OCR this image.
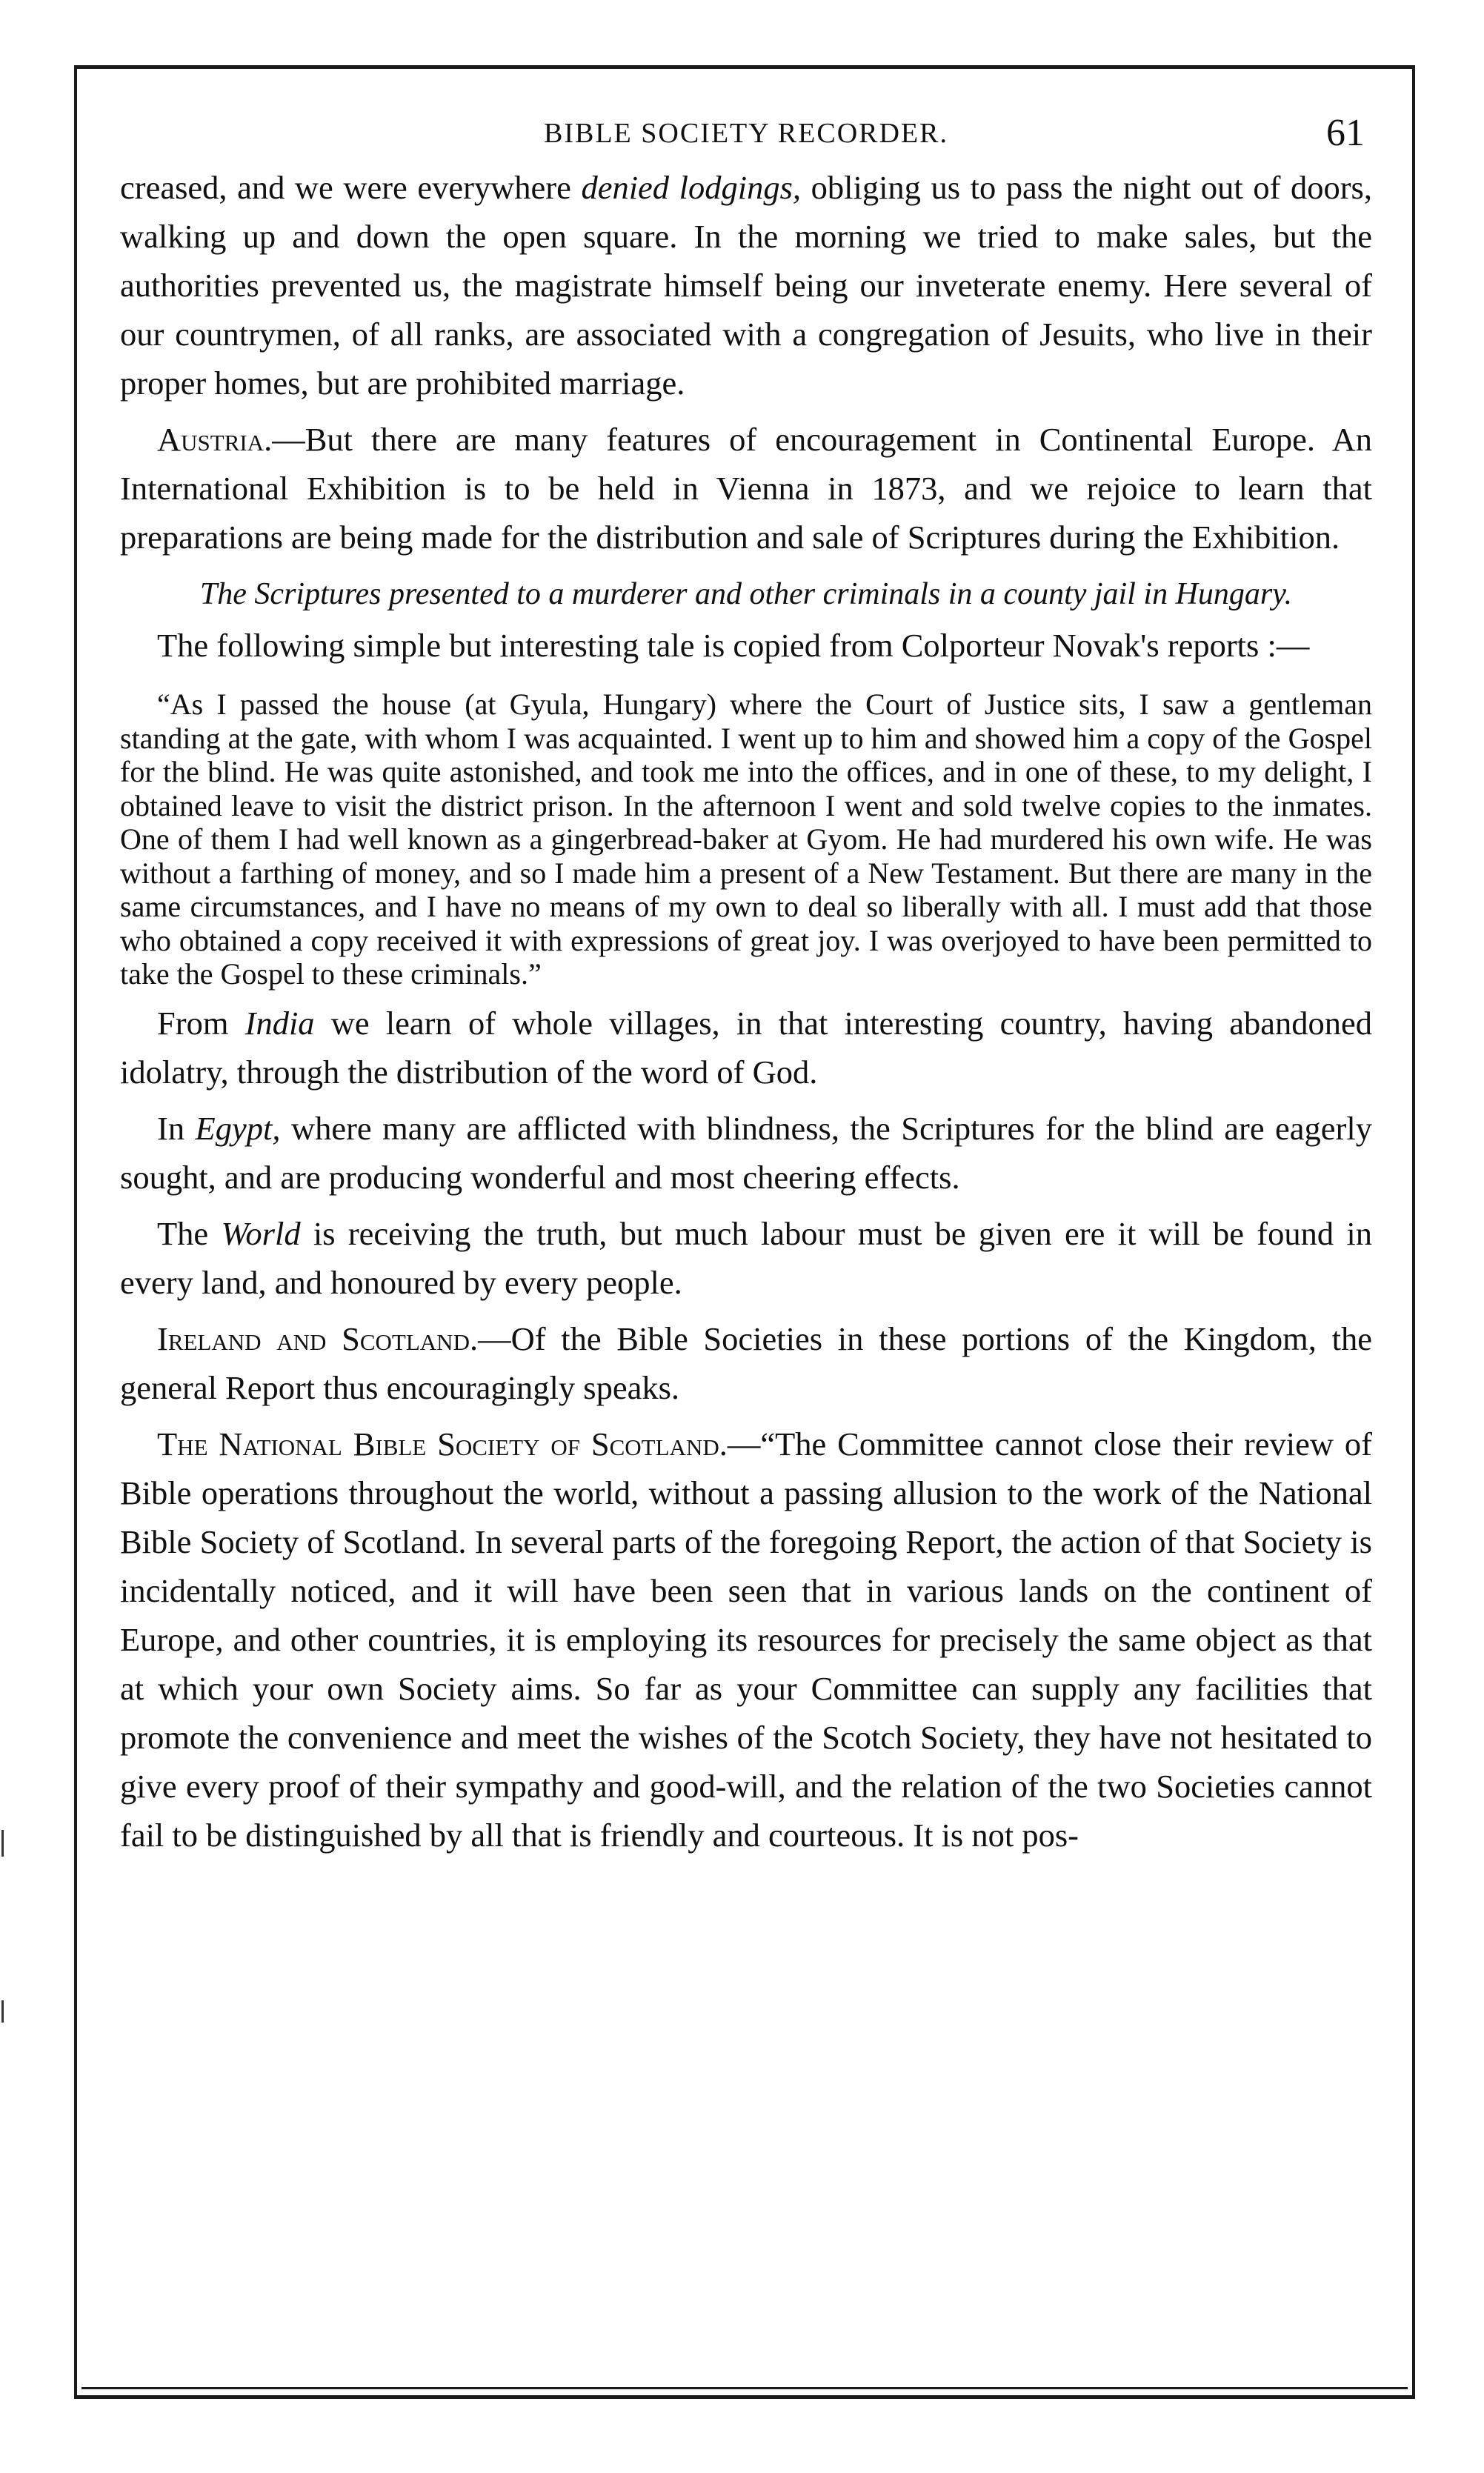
BIBLE SOCIETY RECORDER.	61

creased, and we were everywhere denied lodgings, obliging us to pass the night out of doors, walking up and down the open square. In the morning we tried to make sales, but the authorities prevented us, the magistrate himself being our inveterate enemy. Here several of our countrymen, of all ranks, are associated with a congregation of Jesuits, who live in their proper homes, but are prohibited marriage.

Austria.—But there are many features of encouragement in Continental Europe. An International Exhibition is to be held in Vienna in 1873, and we rejoice to learn that preparations are being made for the distribution and sale of Scriptures during the Exhibition.

The Scriptures presented to a murderer and other criminals in a county jail in Hungary.

The following simple but interesting tale is copied from Colporteur Novak's reports :—

“As I passed the house (at Gyula, Hungary) where the Court of Justice sits, I saw a gentleman standing at the gate, with whom I was acquainted. I went up to him and showed him a copy of the Gospel for the blind. He was quite astonished, and took me into the offices, and in one of these, to my delight, I obtained leave to visit the district prison. In the afternoon I went and sold twelve copies to the inmates. One of them I had well known as a gingerbread-baker at Gyom. He had murdered his own wife. He was without a farthing of money, and so I made him a present of a New Testament. But there are many in the same circumstances, and I have no means of my own to deal so liberally with all. I must add that those who obtained a copy received it with expressions of great joy. I was overjoyed to have been permitted to take the Gospel to these criminals.”

From India we learn of whole villages, in that interesting country, having abandoned idolatry, through the distribution of the word of God.

In Egypt, where many are afflicted with blindness, the Scriptures for the blind are eagerly sought, and are producing wonderful and most cheering effects.

The World is receiving the truth, but much labour must be given ere it will be found in every land, and honoured by every people.

Ireland and Scotland.—Of the Bible Societies in these portions of the Kingdom, the general Report thus encouragingly speaks.

The National Bible Society of Scotland.—“The Committee cannot close their review of Bible operations throughout the world, without a passing allusion to the work of the National Bible Society of Scotland. In several parts of the foregoing Report, the action of that Society is incidentally noticed, and it will have been seen that in various lands on the continent of Europe, and other countries, it is employing its resources for precisely the same object as that at which your own Society aims. So far as your Committee can supply any facilities that promote the convenience and meet the wishes of the Scotch Society, they have not hesitated to give every proof of their sympathy and good-will, and the relation of the two Societies cannot fail to be distinguished by all that is friendly and courteous. It is not pos-
